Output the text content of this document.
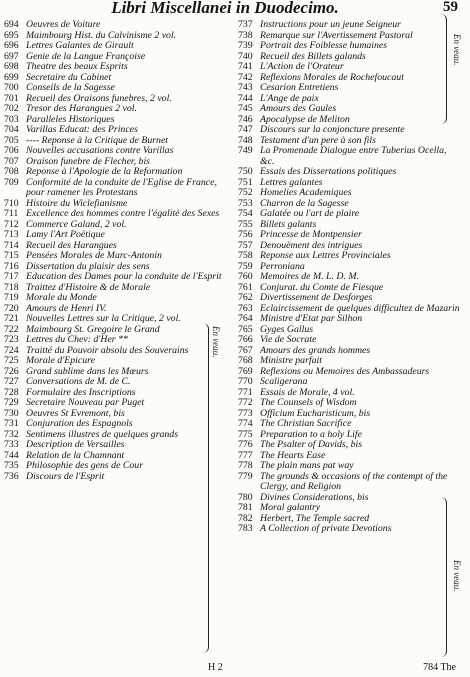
Libri Miscellanei in Duodecimo.	59
694 Oeuvres de Voiture
695 Maimbourg Hist. du Calvinisme 2 vol.
696 Lettres Galantes de Girault
697 Genie de la Langue Françoise
698 Theatre des beaux Esprits
699 Secretaire du Cabinet
700 Conseils de la Sagesse
701 Recueil des Oraisons funebres, 2 vol.
702 Tresor des Harangues 2 vol.
703 Paralleles Historiques
704 Varillas Educat: des Princes
705 ---- Reponse à la Critique de Burnet
706 Nouvelles accusations contre Varillas
707 Oraison funebre de Flecher, bis
708 Reponse à l'Apologie de la Reformation
709 Conformité de la conduite de l'Eglise de France, pour ramener les Protestans
710 Histoire du Wiclefianisme
711 Excellence des hommes contre l'égalité des Sexes
712 Commerce Galand, 2 vol.
713 Lamy l'Art Poëtique
714 Recueil des Harangues
715 Pensées Morales de Marc-Antonin
716 Dissertation du plaisir des sens
717 Education des Dames pour la conduite de l'Esprit
718 Traittez d'Histoire & de Morale
719 Morale du Monde
720 Amours de Henri IV.
721 Nouvelles Lettres sur la Critique, 2 vol.
722 Maimbourg St. Gregoire le Grand
723 Lettres du Chev: d'Her **
724 Traitté du Pouvoir absolu des Souverains
725 Morale d'Epicure
726 Grand sublime dans les Mœurs
727 Conversations de M. de C.
728 Formulaire des Inscriptions
729 Secretaire Nouveau par Puget
730 Oeuvres St Evremont, bis
731 Conjuration des Espagnols
732 Sentimens illustres de quelques grands
733 Description de Versailles
744 Relation de la Chamnant
735 Philosophie des gens de Cour
736 Discours de l'Esprit
737 Instructions pour un jeune Seigneur
738 Remarque sur l'Avertissement Pastoral
739 Portrait des Foiblesse humaines
740 Recueil des Billets galands
741 L'Action de l'Orateur
742 Reflexions Morales de Rochefoucaut
743 Cesarion Entretiens
744 L'Ange de paix
745 Amours des Gaules
746 Apocalypse de Meliton
747 Discours sur la conjoncture presente
748 Testament d'un pere à son fils
749 La Promenade Dialogue entre Tuberius Ocella, &c.
750 Essais des Dissertations politiques
751 Lettres galantes
752 Homelies Academiques
753 Charron de la Sagesse
754 Galatée ou l'art de plaire
755 Billets galants
756 Princesse de Montpensier
757 Denouëment des intrigues
758 Reponse aux Lettres Provinciales
759 Perroniana
760 Memoires de M. L. D. M.
761 Conjurat. du Comte de Fiesque
762 Divertissement de Desforges
763 Eclaircissement de quelques difficultez de Mazarin
764 Ministre d'Etat par Silhon
765 Gyges Gallus
766 Vie de Socrate
767 Amours des grands hommes
768 Ministre parfait
769 Reflexions ou Memoires des Ambassadeurs
770 Scaligerana
771 Essais de Morale, 4 vol.
772 The Counsels of Wisdom
773 Officium Eucharisticum, bis
774 The Christian Sacrifice
775 Preparation to a holy Life
776 The Psalter of Davids, bis
777 The Hearts Ease
778 The plain mans pat way
779 The grounds & occasions of the contempt of the Clergy, and Religion
780 Divines Considerations, bis
781 Moral galantry
782 Herbert, The Temple sacred
783 A Collection of private Devotions
En veau.
En veau.
En veau.
H 2	784 The
